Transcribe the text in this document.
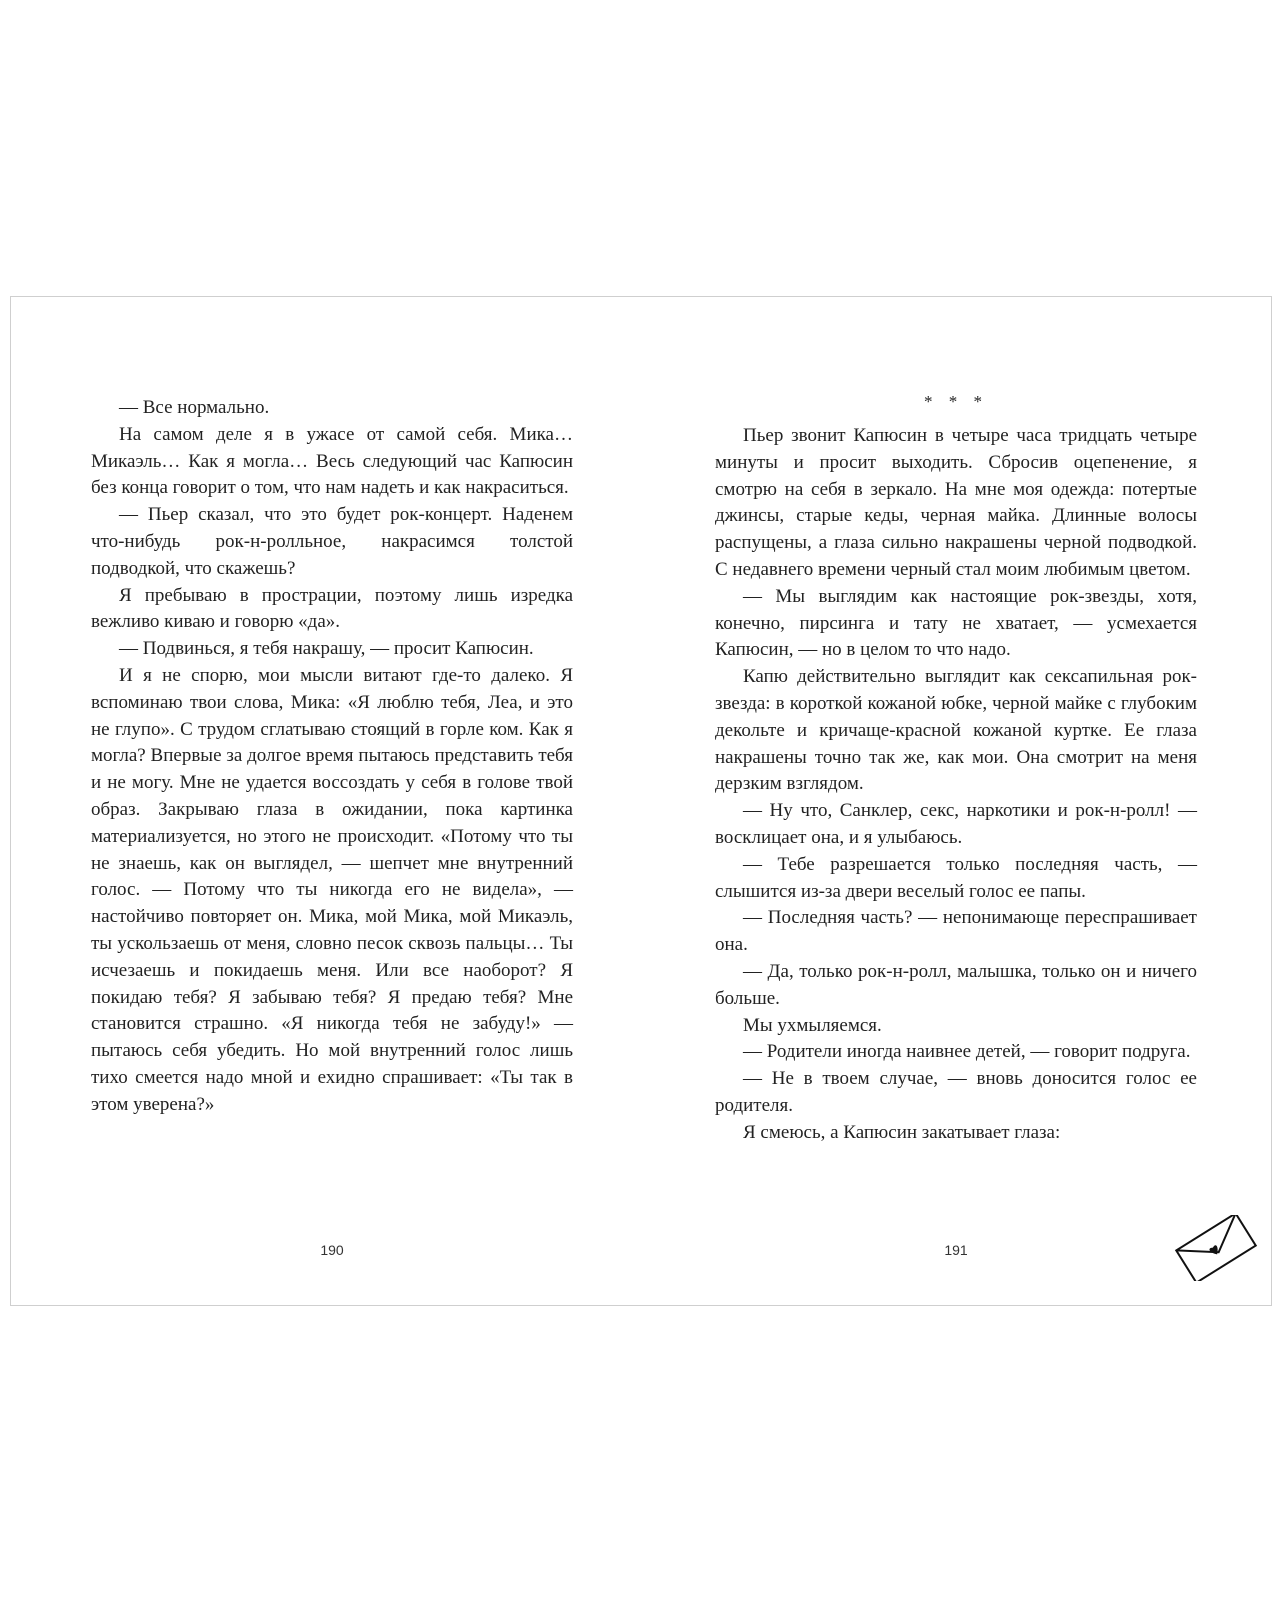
— Все нормально.

На самом деле я в ужасе от самой себя. Мика… Микаэль… Как я могла… Весь следующий час Капюсин без конца говорит о том, что нам надеть и как накраситься.

— Пьер сказал, что это будет рок-концерт. Наденем что-нибудь рок-н-ролльное, накрасимся толстой подводкой, что скажешь?

Я пребываю в прострации, поэтому лишь изредка вежливо киваю и говорю «да».

— Подвинься, я тебя накрашу, — просит Капюсин.

И я не спорю, мои мысли витают где-то далеко. Я вспоминаю твои слова, Мика: «Я люблю тебя, Леа, и это не глупо». С трудом сглатываю стоящий в горле ком. Как я могла? Впервые за долгое время пытаюсь представить тебя и не могу. Мне не удается воссоздать у себя в голове твой образ. Закрываю глаза в ожидании, пока картинка материализуется, но этого не происходит. «Потому что ты не знаешь, как он выглядел, — шепчет мне внутренний голос. — Потому что ты никогда его не видела», — настойчиво повторяет он. Мика, мой Мика, мой Микаэль, ты ускользаешь от меня, словно песок сквозь пальцы… Ты исчезаешь и покидаешь меня. Или все наоборот? Я покидаю тебя? Я забываю тебя? Я предаю тебя? Мне становится страшно. «Я никогда тебя не забуду!» — пытаюсь себя убедить. Но мой внутренний голос лишь тихо смеется надо мной и ехидно спрашивает: «Ты так в этом уверена?»

190
* * *

Пьер звонит Капюсин в четыре часа тридцать четыре минуты и просит выходить. Сбросив оцепенение, я смотрю на себя в зеркало. На мне моя одежда: потертые джинсы, старые кеды, черная майка. Длинные волосы распущены, а глаза сильно накрашены черной подводкой. С недавнего времени черный стал моим любимым цветом.

— Мы выглядим как настоящие рок-звезды, хотя, конечно, пирсинга и тату не хватает, — усмехается Капюсин, — но в целом то что надо.

Капю действительно выглядит как сексапильная рок-звезда: в короткой кожаной юбке, черной майке с глубоким декольте и кричаще-красной кожаной куртке. Ее глаза накрашены точно так же, как мои. Она смотрит на меня дерзким взглядом.

— Ну что, Санклер, секс, наркотики и рок-н-ролл! — восклицает она, и я улыбаюсь.

— Тебе разрешается только последняя часть, — слышится из-за двери веселый голос ее папы.

— Последняя часть? — непонимающе переспрашивает она.

— Да, только рок-н-ролл, малышка, только он и ничего больше.

Мы ухмыляемся.

— Родители иногда наивнее детей, — говорит подруга.

— Не в твоем случае, — вновь доносится голос ее родителя.

Я смеюсь, а Капюсин закатывает глаза:

191
